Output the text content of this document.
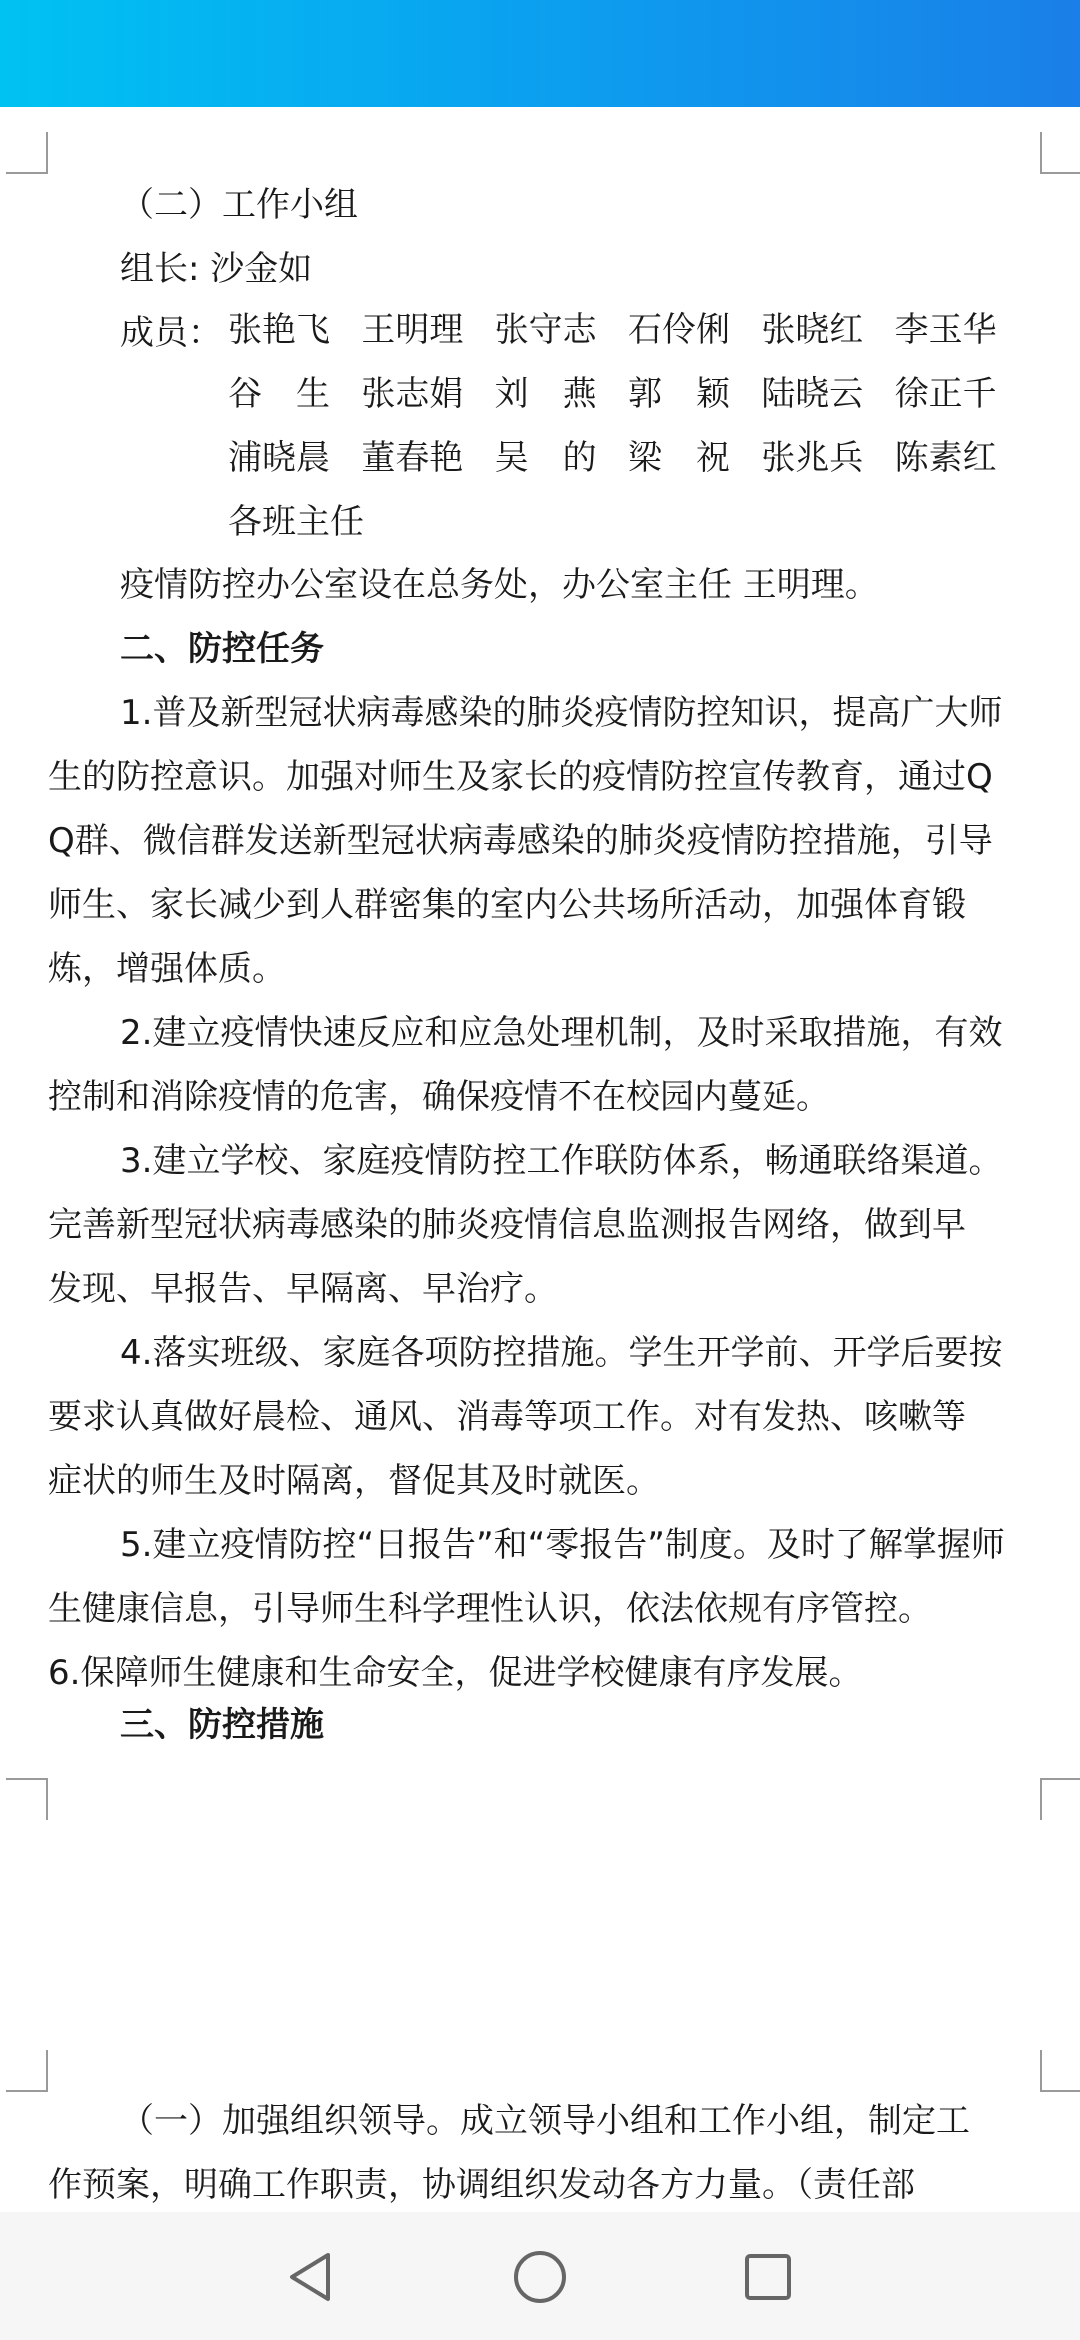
（二）工作小组
组长: 沙金如
成员： 张艳飞 王明理 张守志 石伶俐 张晓红 李玉华
谷　生 张志娟 刘　燕 郭　颖 陆晓云 徐正千
浦晓晨 董春艳 吴　的 梁　祝 张兆兵 陈素红
各班主任
疫情防控办公室设在总务处，办公室主任 王明理。
二、防控任务
1.普及新型冠状病毒感染的肺炎疫情防控知识，提高广大师
生的防控意识。加强对师生及家长的疫情防控宣传教育，通过Q
Q群、微信群发送新型冠状病毒感染的肺炎疫情防控措施，引导
师生、家长减少到人群密集的室内公共场所活动，加强体育锻
炼，增强体质。
2.建立疫情快速反应和应急处理机制，及时采取措施，有效
控制和消除疫情的危害，确保疫情不在校园内蔓延。
3.建立学校、家庭疫情防控工作联防体系，畅通联络渠道。
完善新型冠状病毒感染的肺炎疫情信息监测报告网络，做到早
发现、早报告、早隔离、早治疗。
4.落实班级、家庭各项防控措施。学生开学前、开学后要按
要求认真做好晨检、通风、消毒等项工作。对有发热、咳嗽等
症状的师生及时隔离，督促其及时就医。
5.建立疫情防控“日报告”和“零报告”制度。及时了解掌握师
生健康信息，引导师生科学理性认识，依法依规有序管控。
6.保障师生健康和生命安全，促进学校健康有序发展。
三、防控措施
（一）加强组织领导。成立领导小组和工作小组，制定工
作预案，明确工作职责，协调组织发动各方力量。（责任部
